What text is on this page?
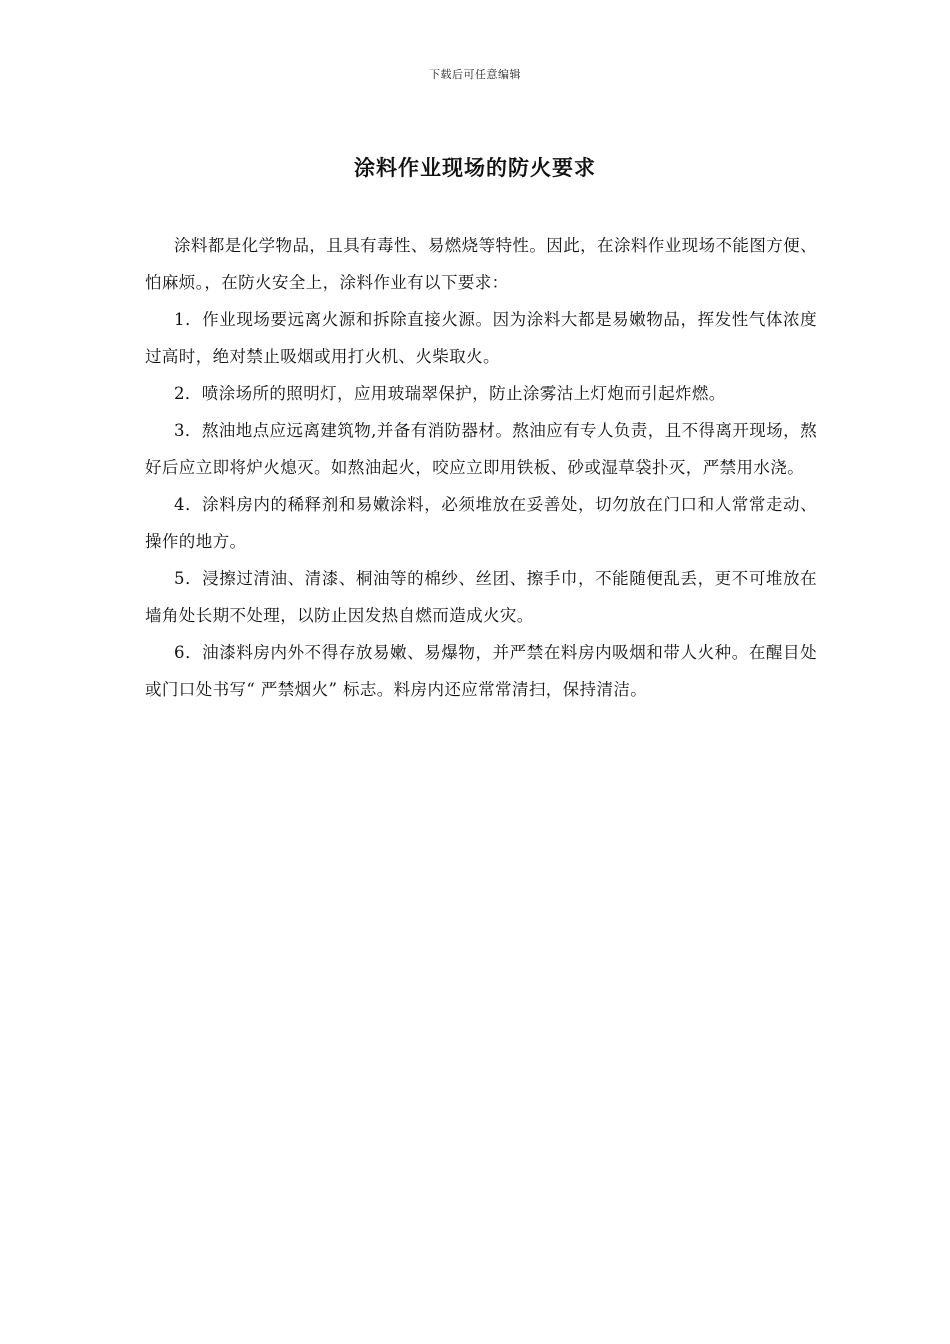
下载后可任意编辑
涂料作业现场的防火要求

涂料都是化学物品，且具有毒性、易燃烧等特性。因此，在涂料作业现场不能图方便、怕麻烦。，在防火安全上，涂料作业有以下要求：

1．作业现场要远离火源和拆除直接火源。因为涂料大都是易嫩物品，挥发性气体浓度过高时，绝对禁止吸烟或用打火机、火柴取火。

2．喷涂场所的照明灯，应用玻瑞翠保护，防止涂雾沽上灯炮而引起炸燃。

3．熬油地点应远离建筑物,并备有消防器材。熬油应有专人负责，且不得离开现场，熬好后应立即将炉火熄灭。如熬油起火，咬应立即用铁板、砂或湿草袋扑灭，严禁用水浇。

4．涂料房内的稀释剂和易嫩涂料，必须堆放在妥善处，切勿放在门口和人常常走动、操作的地方。

5．浸擦过清油、清漆、桐油等的棉纱、丝团、擦手巾，不能随便乱丢，更不可堆放在墙角处长期不处理，以防止因发热自燃而造成火灾。

6．油漆料房内外不得存放易嫩、易爆物，并严禁在料房内吸烟和带人火种。在醒目处或门口处书写“ 严禁烟火” 标志。料房内还应常常清扫，保持清洁。
